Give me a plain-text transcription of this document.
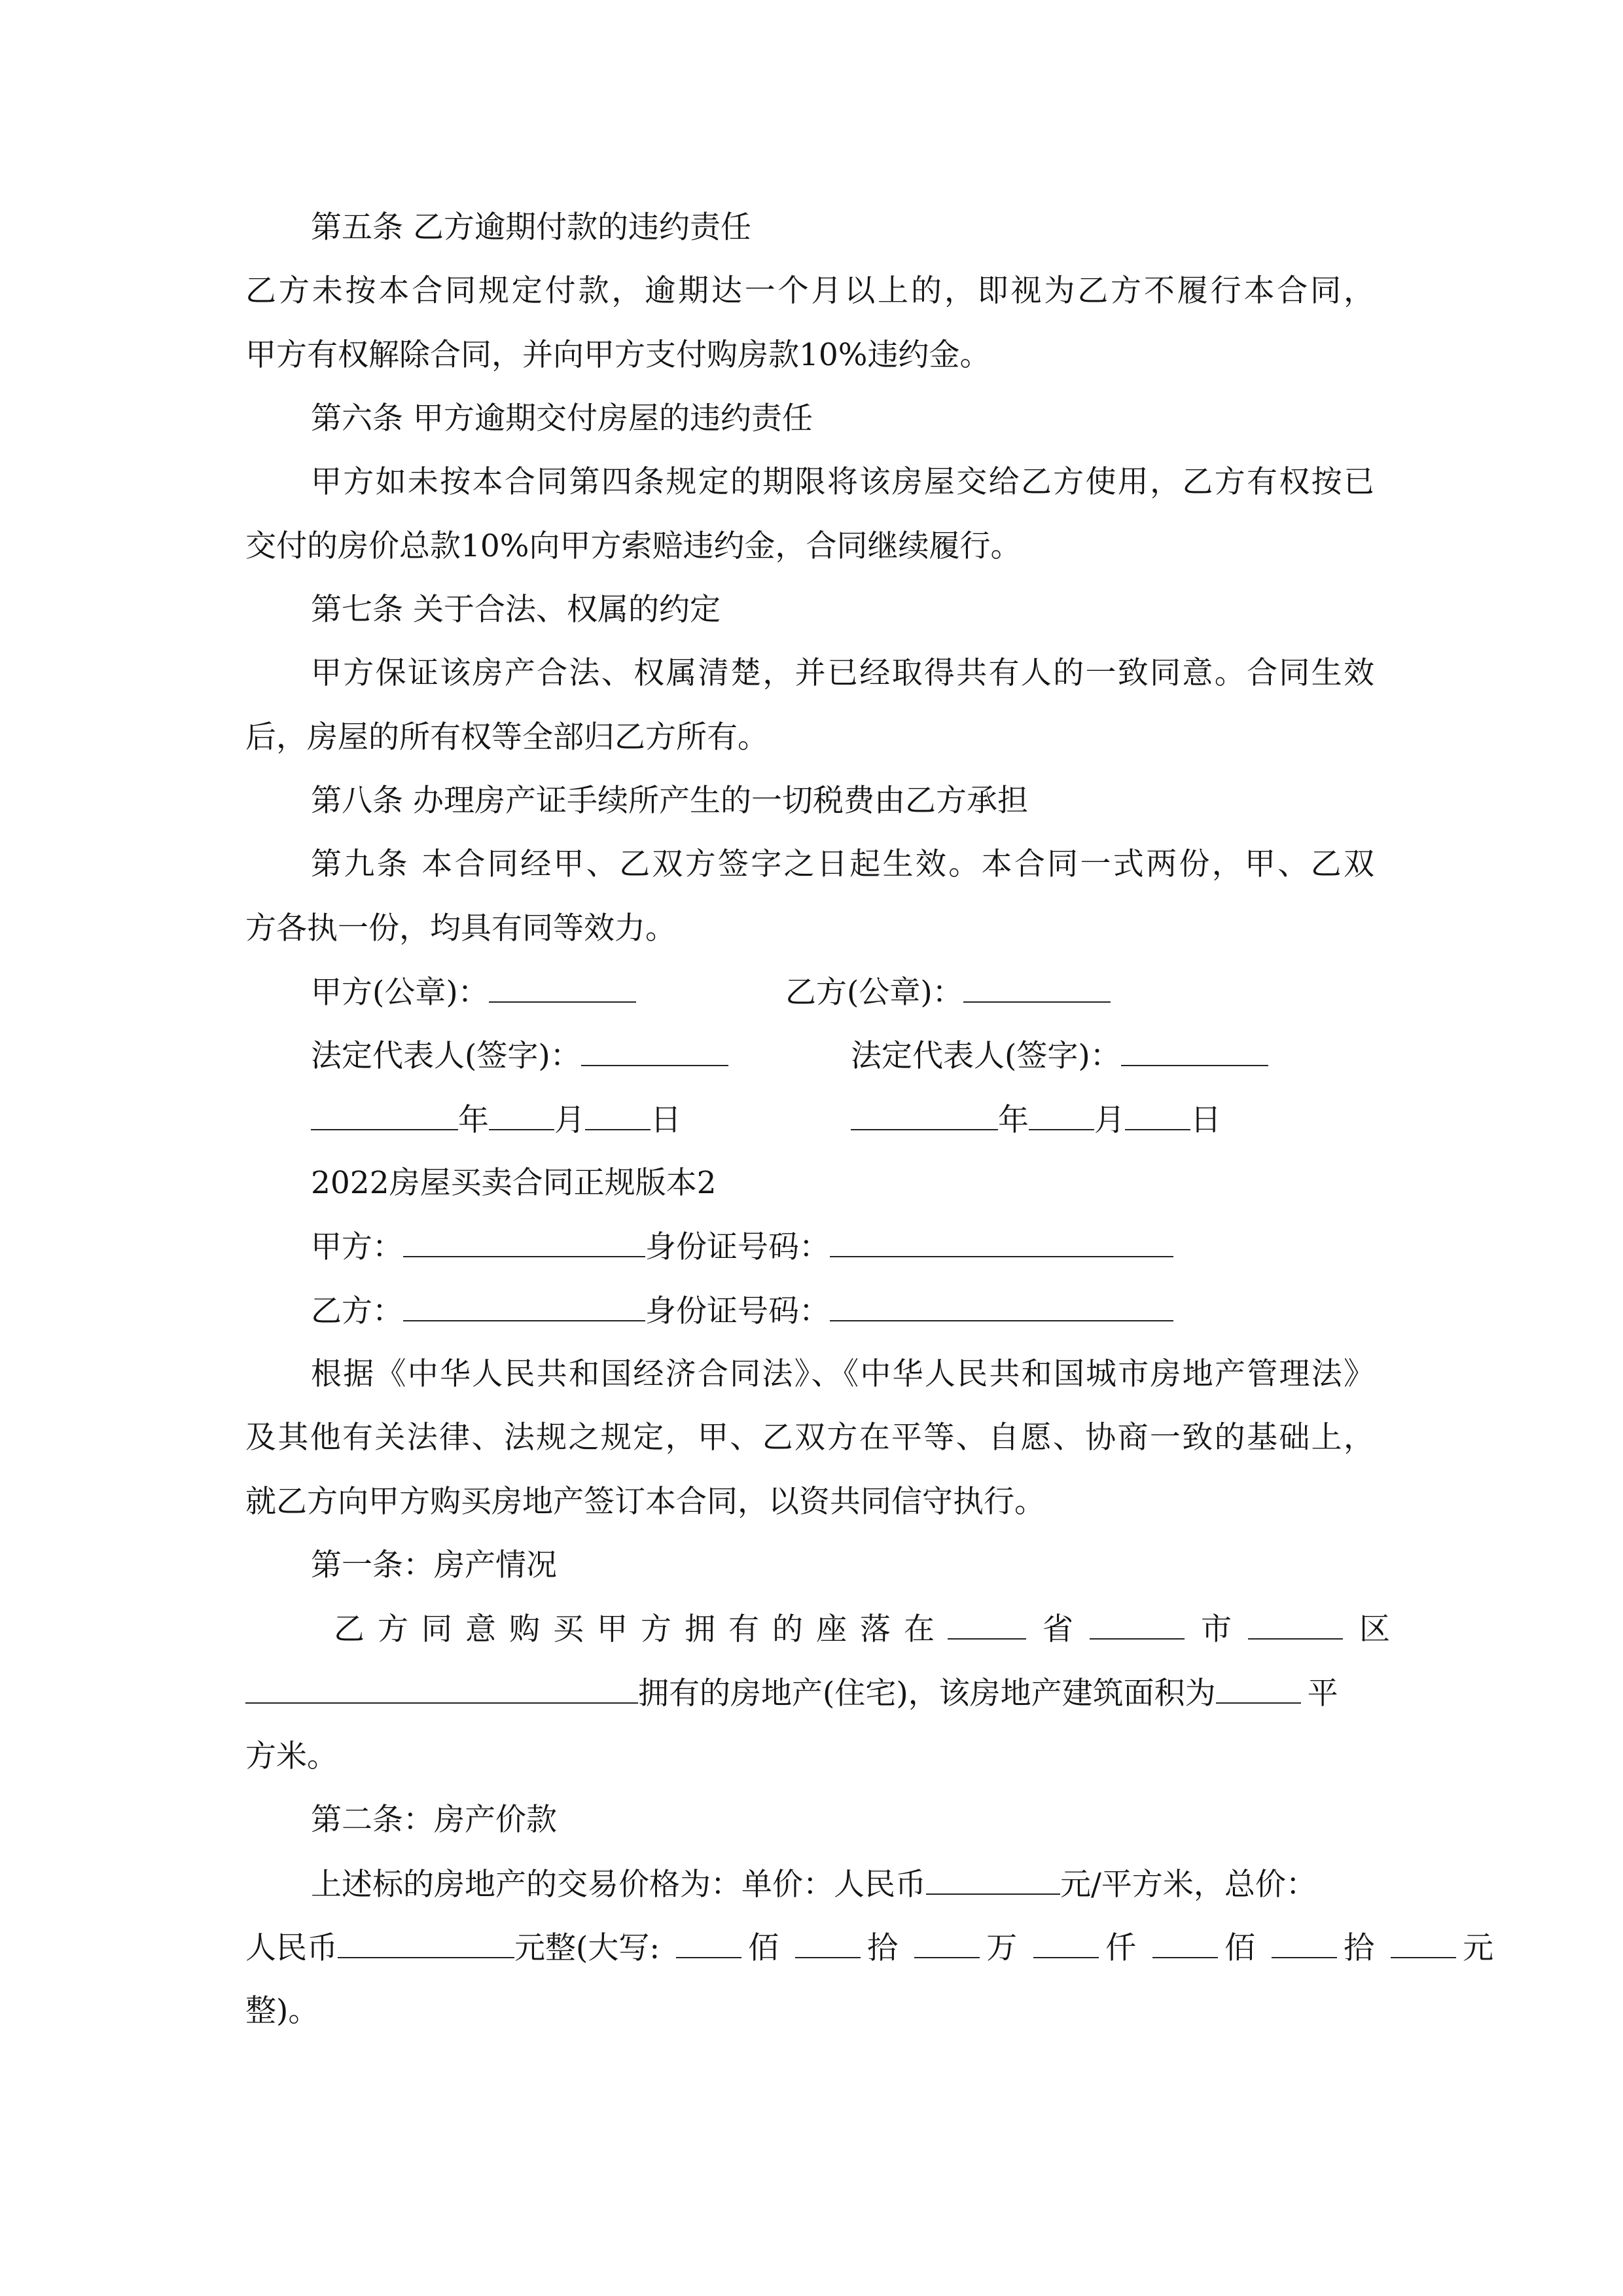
第五条 乙方逾期付款的违约责任
乙方未按本合同规定付款，逾期达一个月以上的，即视为乙方不履行本合同，
甲方有权解除合同，并向甲方支付购房款10%违约金。
第六条 甲方逾期交付房屋的违约责任
甲方如未按本合同第四条规定的期限将该房屋交给乙方使用，乙方有权按已
交付的房价总款10%向甲方索赔违约金，合同继续履行。
第七条 关于合法、权属的约定
甲方保证该房产合法、权属清楚，并已经取得共有人的一致同意。合同生效
后，房屋的所有权等全部归乙方所有。
第八条 办理房产证手续所产生的一切税费由乙方承担
第九条 本合同经甲、乙双方签字之日起生效。本合同一式两份，甲、乙双
方各执一份，均具有同等效力。
甲方(公章)：	乙方(公章)：
法定代表人(签字)：	法定代表人(签字)：
年 月 日	年 月 日
2022房屋买卖合同正规版本2
甲方：	身份证号码：
乙方：	身份证号码：
根据《中华人民共和国经济合同法》、《中华人民共和国城市房地产管理法》
及其他有关法律、法规之规定，甲、乙双方在平等、自愿、协商一致的基础上，
就乙方向甲方购买房地产签订本合同，以资共同信守执行。
第一条：房产情况
乙方同意购买甲方拥有的座落在	省	市	区
拥有的房地产(住宅)，该房地产建筑面积为	平
方米。
第二条：房产价款
上述标的房地产的交易价格为：单价：人民币	元/平方米，总价：
人民币	元整(大写:	佰	拾	万	仟	佰	拾	元
整)。
